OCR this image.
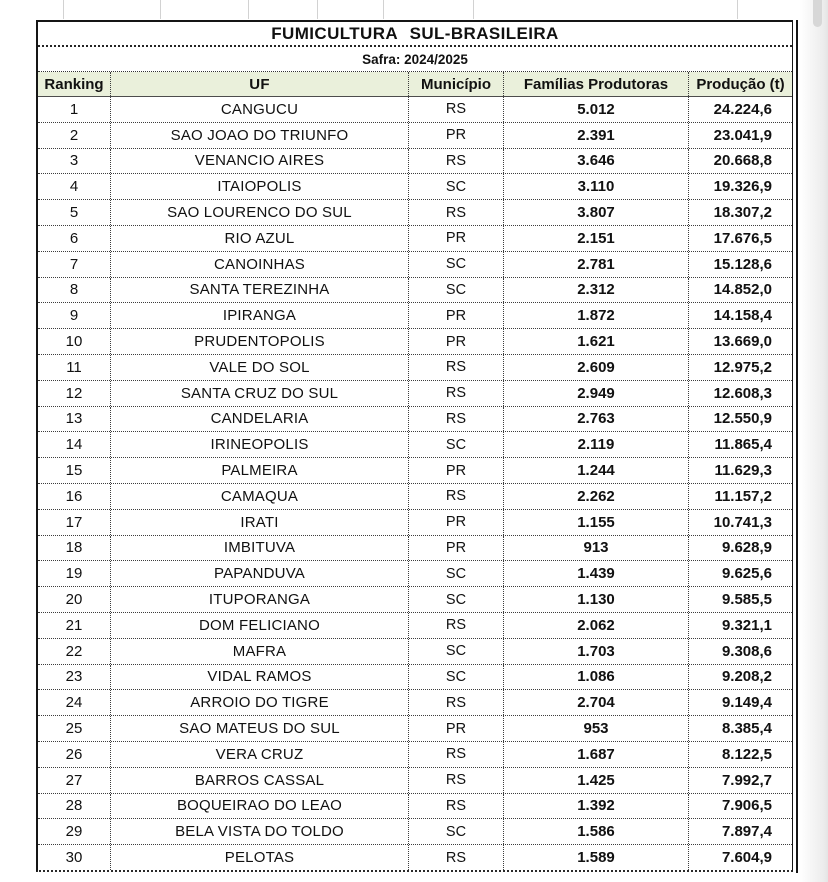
FUMICULTURA SUL-BRASILEIRA
Safra: 2024/2025
Ranking	UF	Município	Famílias Produtoras	Produção (t)
1	CANGUCU	RS	5.012	24.224,6
2	SAO JOAO DO TRIUNFO	PR	2.391	23.041,9
3	VENANCIO AIRES	RS	3.646	20.668,8
4	ITAIOPOLIS	SC	3.110	19.326,9
5	SAO LOURENCO DO SUL	RS	3.807	18.307,2
6	RIO AZUL	PR	2.151	17.676,5
7	CANOINHAS	SC	2.781	15.128,6
8	SANTA TEREZINHA	SC	2.312	14.852,0
9	IPIRANGA	PR	1.872	14.158,4
10	PRUDENTOPOLIS	PR	1.621	13.669,0
11	VALE DO SOL	RS	2.609	12.975,2
12	SANTA CRUZ DO SUL	RS	2.949	12.608,3
13	CANDELARIA	RS	2.763	12.550,9
14	IRINEOPOLIS	SC	2.119	11.865,4
15	PALMEIRA	PR	1.244	11.629,3
16	CAMAQUA	RS	2.262	11.157,2
17	IRATI	PR	1.155	10.741,3
18	IMBITUVA	PR	913	9.628,9
19	PAPANDUVA	SC	1.439	9.625,6
20	ITUPORANGA	SC	1.130	9.585,5
21	DOM FELICIANO	RS	2.062	9.321,1
22	MAFRA	SC	1.703	9.308,6
23	VIDAL RAMOS	SC	1.086	9.208,2
24	ARROIO DO TIGRE	RS	2.704	9.149,4
25	SAO MATEUS DO SUL	PR	953	8.385,4
26	VERA CRUZ	RS	1.687	8.122,5
27	BARROS CASSAL	RS	1.425	7.992,7
28	BOQUEIRAO DO LEAO	RS	1.392	7.906,5
29	BELA VISTA DO TOLDO	SC	1.586	7.897,4
30	PELOTAS	RS	1.589	7.604,9
